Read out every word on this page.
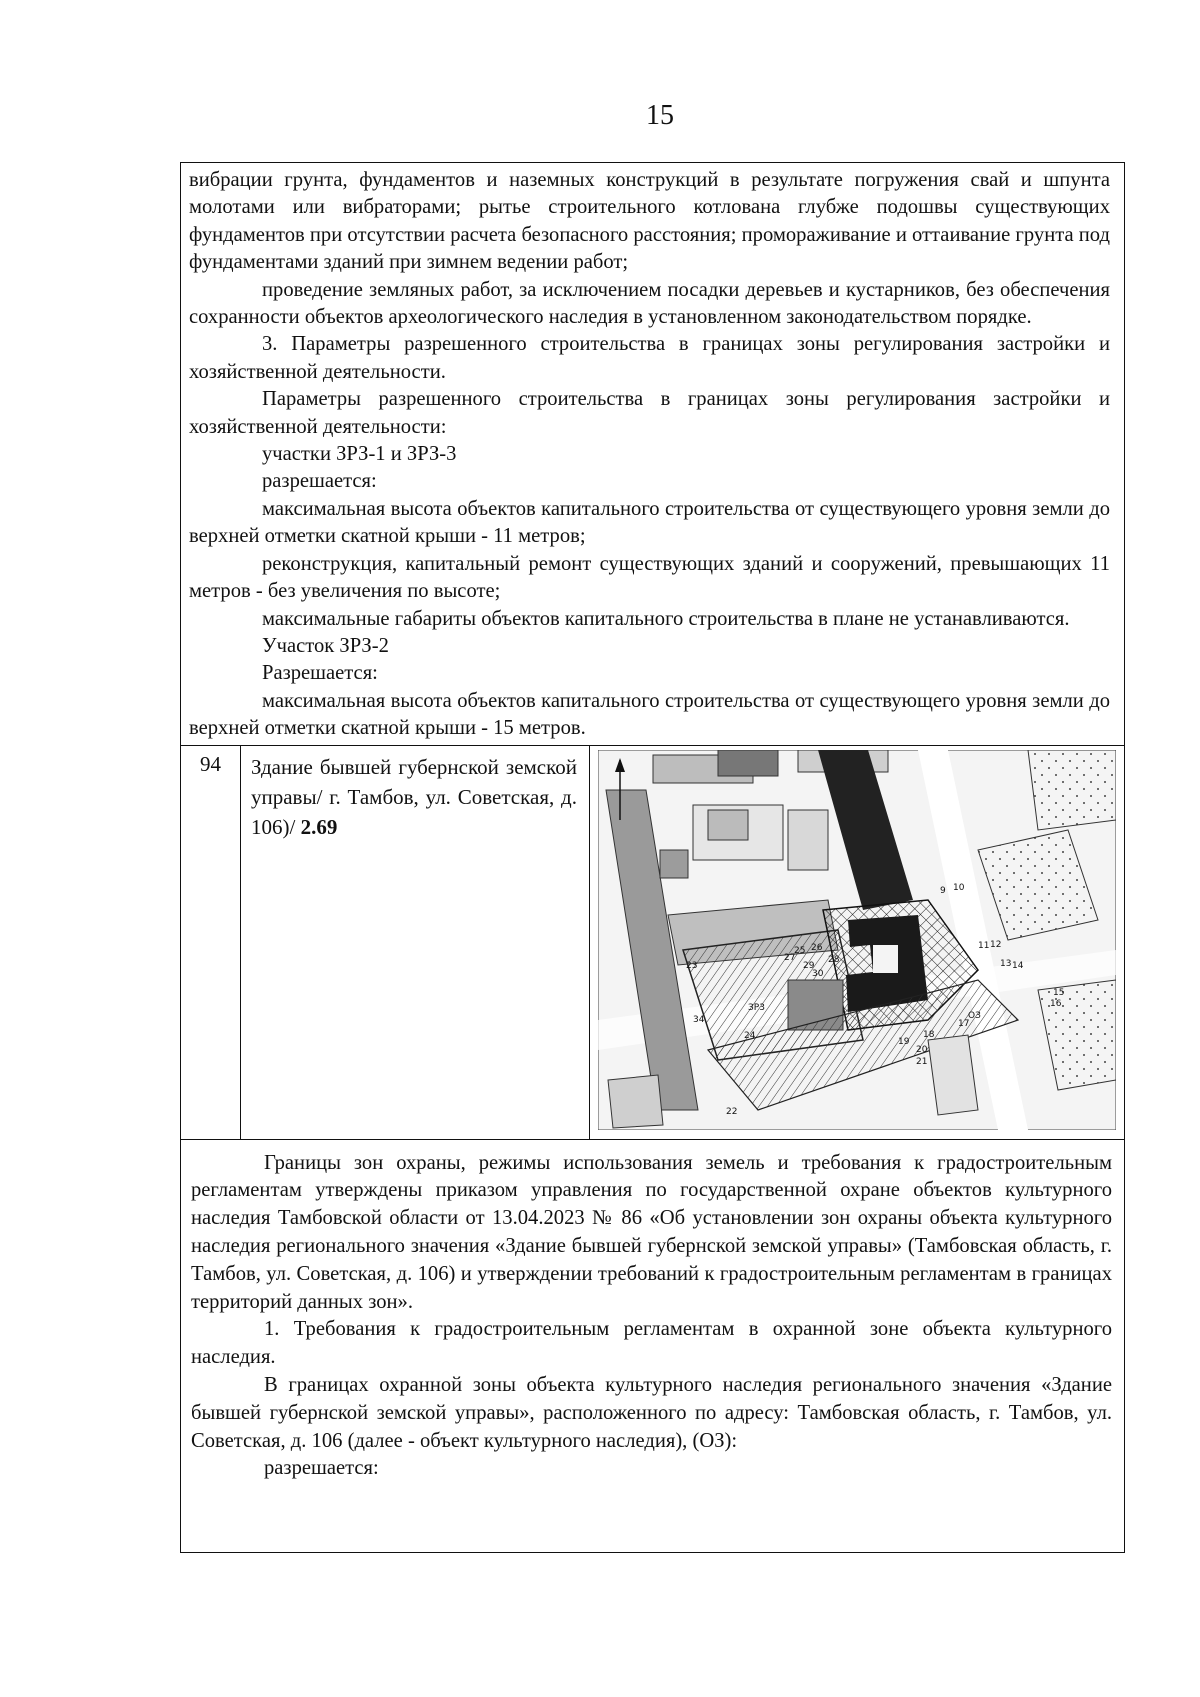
15

вибрации грунта, фундаментов и наземных конструкций в результате погружения свай и шпунта молотами или вибраторами; рытье строительного котлована глубже подошвы существующих фундаментов при отсутствии расчета безопасного расстояния; промораживание и оттаивание грунта под фундаментами зданий при зимнем ведении работ;

проведение земляных работ, за исключением посадки деревьев и кустарников, без обеспечения сохранности объектов археологического наследия в установленном законодательством порядке.

3. Параметры разрешенного строительства в границах зоны регулирования застройки и хозяйственной деятельности.

Параметры разрешенного строительства в границах зоны регулирования застройки и хозяйственной деятельности:

участки ЗРЗ-1 и ЗРЗ-3

разрешается:

максимальная высота объектов капитального строительства от существующего уровня земли до верхней отметки скатной крыши - 11 метров;

реконструкция, капитальный ремонт существующих зданий и сооружений, превышающих 11 метров - без увеличения по высоте;

максимальные габариты объектов капитального строительства в плане не устанавливаются.

Участок ЗРЗ-2

Разрешается:

максимальная высота объектов капитального строительства от существующего уровня земли до верхней отметки скатной крыши - 15 метров.

94	Здание бывшей губернской земской управы/ г. Тамбов, ул. Советская, д. 106)/ 2.69
23
25 26
27	28
29
30
9 10
11 12
13 14
15
16
17
18
19
20
21
22
24
34
ЗР3
ОЗ

Границы зон охраны, режимы использования земель и требования к градостроительным регламентам утверждены приказом управления по государственной охране объектов культурного наследия Тамбовской области от 13.04.2023 № 86 «Об установлении зон охраны объекта культурного наследия регионального значения «Здание бывшей губернской земской управы» (Тамбовская область, г. Тамбов, ул. Советская, д. 106) и утверждении требований к градостроительным регламентам в границах территорий данных зон».

1. Требования к градостроительным регламентам в охранной зоне объекта культурного наследия.

В границах охранной зоны объекта культурного наследия регионального значения «Здание бывшей губернской земской управы», расположенного по адресу: Тамбовская область, г. Тамбов, ул. Советская, д. 106 (далее - объект культурного наследия), (ОЗ):

разрешается:
